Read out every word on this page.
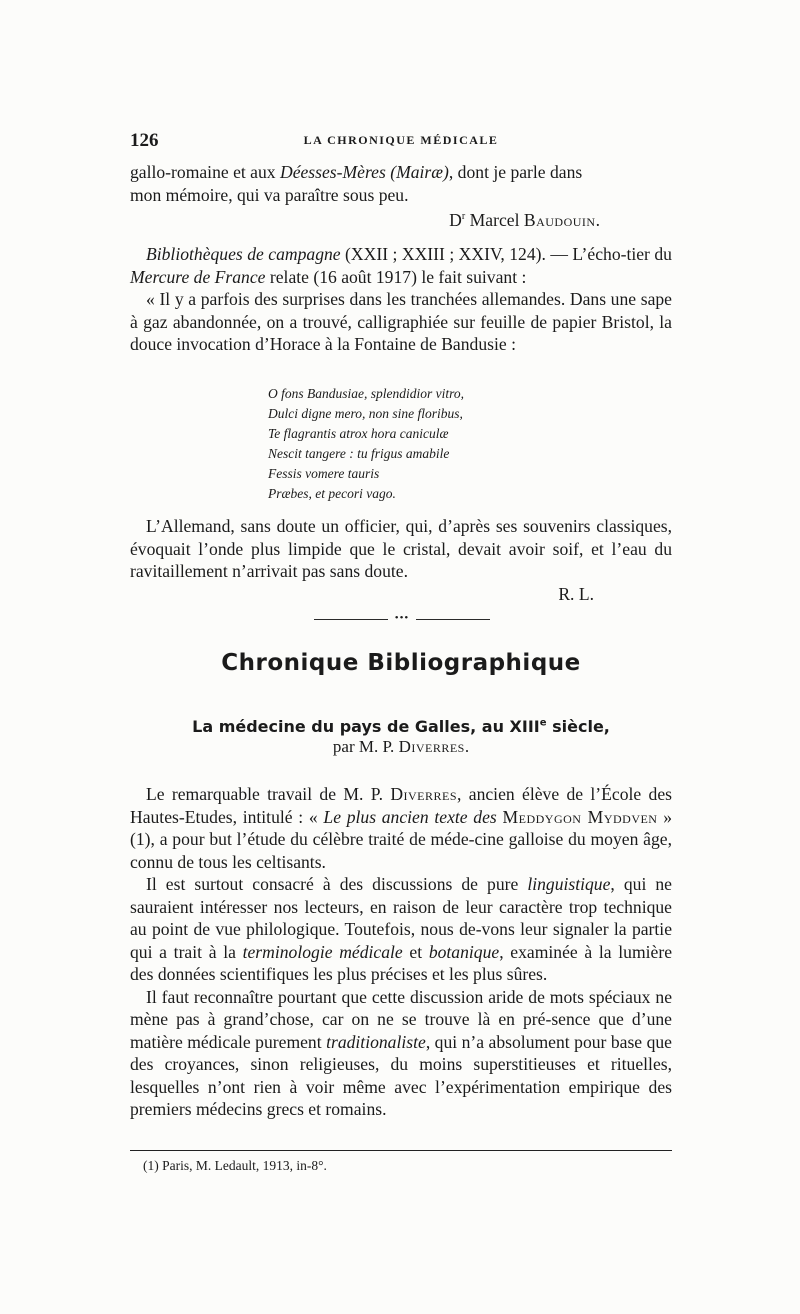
126	LA CHRONIQUE MÉDICALE
gallo-romaine et aux Déesses-Mères (Mairæ), dont je parle dans
mon mémoire, qui va paraître sous peu.
$D^r$ Marcel Baudouin.

Bibliothèques de campagne (XXII ; XXIII ; XXIV, 124). — L’écho-tier du Mercure de France relate (16 août 1917) le fait suivant :

« Il y a parfois des surprises dans les tranchées allemandes. Dans une sape à gaz abandonnée, on a trouvé, calligraphiée sur feuille de papier Bristol, la douce invocation d’Horace à la Fontaine de Bandusie :

O fons Bandusiae, splendidior vitro,
Dulci digne mero, non sine floribus,
Te flagrantis atrox hora caniculæ
Nescit tangere : tu frigus amabile
Fessis vomere tauris
Præbes, et pecori vago.

L’Allemand, sans doute un officier, qui, d’après ses souvenirs classiques, évoquait l’onde plus limpide que le cristal, devait avoir soif, et l’eau du ravitaillement n’arrivait pas sans doute.

R. L.
•••
Chronique Bibliographique
La médecine du pays de Galles, au XIIIe siècle,
par M. P. Diverres.

Le remarquable travail de M. P. Diverres, ancien élève de l’École des Hautes-Etudes, intitulé : « Le plus ancien texte des Meddygon Myddven » (1), a pour but l’étude du célèbre traité de méde-cine galloise du moyen âge, connu de tous les celtisants.

Il est surtout consacré à des discussions de pure linguistique, qui ne sauraient intéresser nos lecteurs, en raison de leur caractère trop technique au point de vue philologique. Toutefois, nous de-vons leur signaler la partie qui a trait à la terminologie médicale et botanique, examinée à la lumière des données scientifiques les plus précises et les plus sûres.

Il faut reconnaître pourtant que cette discussion aride de mots spéciaux ne mène pas à grand’chose, car on ne se trouve là en pré-sence que d’une matière médicale purement traditionaliste, qui n’a absolument pour base que des croyances, sinon religieuses, du moins superstitieuses et rituelles, lesquelles n’ont rien à voir même avec l’expérimentation empirique des premiers médecins grecs et romains.

(1) Paris, M. Ledault, 1913, in-8°.
